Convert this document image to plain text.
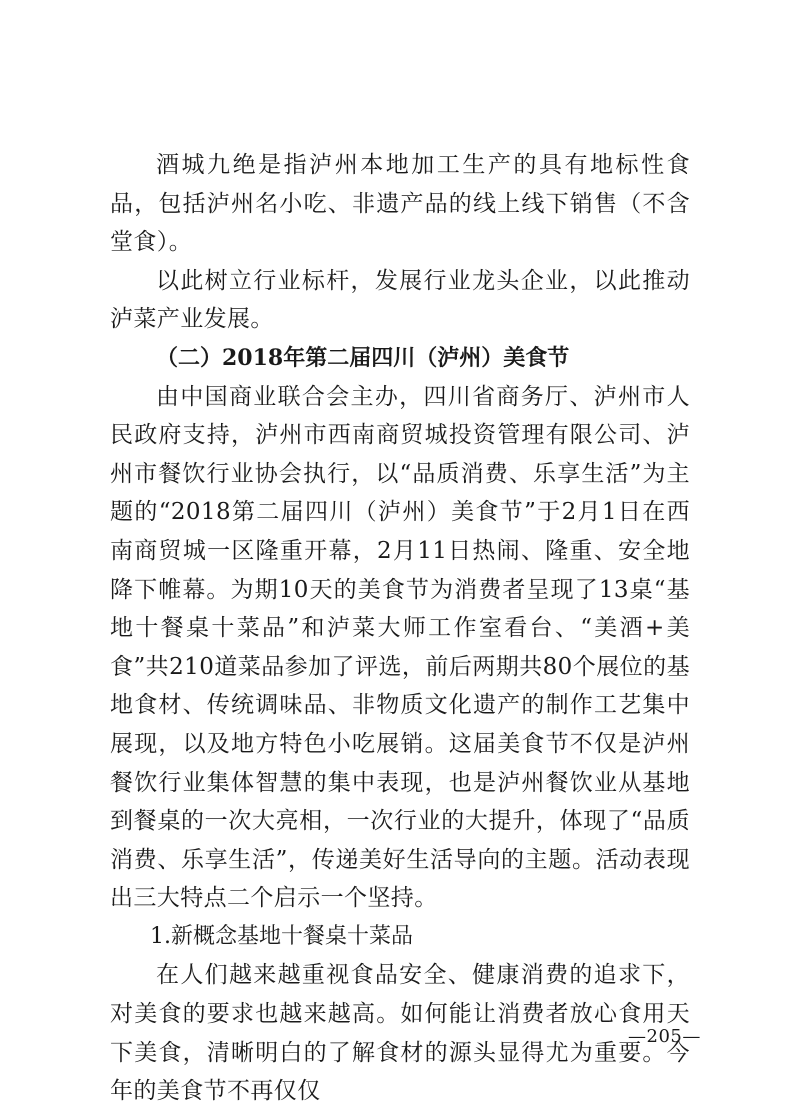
酒城九绝是指泸州本地加工生产的具有地标性食品，包括泸州名小吃、非遗产品的线上线下销售（不含堂食）。

以此树立行业标杆，发展行业龙头企业，以此推动泸菜产业发展。

（二）2018年第二届四川（泸州）美食节

由中国商业联合会主办，四川省商务厅、泸州市人民政府支持，泸州市西南商贸城投资管理有限公司、泸州市餐饮行业协会执行，以“品质消费、乐享生活”为主题的“2018第二届四川（泸州）美食节”于2月1日在西南商贸城一区隆重开幕，2月11日热闹、隆重、安全地降下帷幕。为期10天的美食节为消费者呈现了13桌“基地十餐桌十菜品”和泸菜大师工作室看台、“美酒+美食”共210道菜品参加了评选，前后两期共80个展位的基地食材、传统调味品、非物质文化遗产的制作工艺集中展现，以及地方特色小吃展销。这届美食节不仅是泸州餐饮行业集体智慧的集中表现，也是泸州餐饮业从基地到餐桌的一次大亮相，一次行业的大提升，体现了“品质消费、乐享生活”，传递美好生活导向的主题。活动表现出三大特点二个启示一个坚持。

1.新概念基地十餐桌十菜品

在人们越来越重视食品安全、健康消费的追求下，对美食的要求也越来越高。如何能让消费者放心食用天下美食，清晰明白的了解食材的源头显得尤为重要。今年的美食节不再仅仅

—205—
